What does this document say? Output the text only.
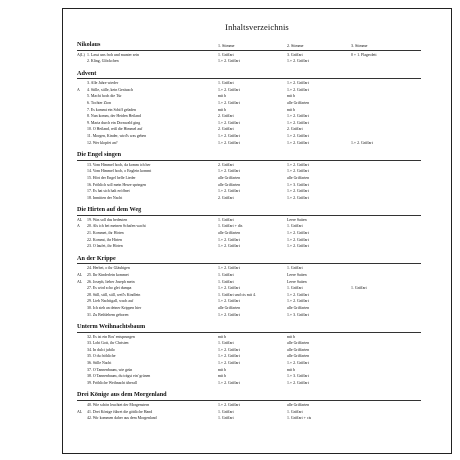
Inhaltsverzeichnis
Nikolaus	1. Stimme	2. Stimme	3. Stimme
A(L) 1. Lasst uns froh und munter sein	1. Griffart	3. Griffart	0 + 1. Flageolett
2. Kling, Glöckchen	1.+ 2. Griffart	1.+ 2. Griffart
Advent
3. Alle Jahre wieder	1. Griffart	1.+ 2. Griffart
A 4. Stille, stille, kein Geräusch	1.+ 2. Griffart	1.+ 2. Griffart
5. Macht hoch die Tür	mit b	mit b
6. Tochter Zion	1.+ 2. Griffart	alle Griffarten
7. Es kommt ein Schiff geladen	mit b	mit b
8. Nun komm, der Heiden Heiland	2. Griffart	1.+ 2. Griffart
9. Maria durch ein Dornwald ging	1.+ 2. Griffart	1.+ 2. Griffart
10. O Heiland, reiß die Himmel auf	2. Griffart	2. Griffart
11. Morgen, Kinder, wird's was geben	1.+ 2. Griffart	1.+ 2. Griffart
12. Wer klopfet an?	1.+ 2. Griffart	1.+ 2. Griffart	1.+ 2. Griffart
Die Engel singen
13. Vom Himmel hoch, da komm ich her	2. Griffart	1.+ 2. Griffart
14. Vom Himmel hoch, o Englein kommt	1.+ 2. Griffart	1.+ 2. Griffart
15. Hört der Engel helle Lieder	alle Griffarten	alle Griffarten
16. Fröhlich soll mein Herze springen	alle Griffarten	1.+ 3. Griffart
17. Es hat sich halt eröffnet	1.+ 2. Griffart	1.+ 2. Griffart
18. Inmitten der Nacht	2. Griffart	1.+ 2. Griffart
Die Hirten auf dem Weg
AL 19. Was soll das bedeuten	1. Griffart	Leere Saiten
A 20. Als ich bei meinen Schafen wacht	1. Griffart + dis	1. Griffart
21. Kommet, ihr Hirten	alle Griffarten	1.+ 2. Griffart
22. Kommt, ihr Hirten	1.+ 2. Griffart	1.+ 2. Griffart
23. O laufet, ihr Hirten	1.+ 2. Griffart	1.+ 2. Griffart
An der Krippe
24. Herbei, o ihr Gläubigen	1.+ 2. Griffart	1. Griffart
AL 25. Ihr Kinderlein kommet	1. Griffart	Leere Saiten
AL 26. Joseph, lieber Joseph mein	1. Griffart	Leere Saiten
27. Es wird scho glei dumpa	1.+ 2. Griffart	1. Griffart	1. Griffart
28. Still, still, still, weil's Kindlein	1. Griffart und cis mit 4.	1.+ 2. Griffart
29. Lieb Nachtigall, wach auf	1.+ 2. Griffart	1.+ 2. Griffart
30. Ich steh an deiner Krippen hier	alle Griffarten	alle Griffarten
31. Zu Bethlehem geboren	1.+ 2. Griffart	1.+ 3. Griffart
Unterm Weihnachtsbaum
32. Es ist ein Ros' entsprungen	mit b	mit b
33. Lobt Gott, ihr Christen	1. Griffart	alle Griffarten
34. In dulci jubilo	1.+ 2. Griffart	alle Griffarten
35. O du fröhliche	1.+ 2. Griffart	alle Griffarten
36. Stille Nacht	1.+ 2. Griffart	1.+ 2. Griffart
37. O Tannenbaum, wie grün	mit b	mit b
38. O Tannenbaum, du trägst ein' grünen	mit b	1.+ 3. Griffart
39. Fröhliche Weihnacht überall	1.+ 2. Griffart	1.+ 2. Griffart
Drei Könige aus dem Morgenland
40. Wie schön leuchtet der Morgenstern	1.+ 2. Griffart	alle Griffarten
AL 41. Drei Könige führet die göttliche Hand	1. Griffart	1. Griffart
42. Wir kommen daher aus dem Morgenland	1. Griffart	1. Griffart + cis
